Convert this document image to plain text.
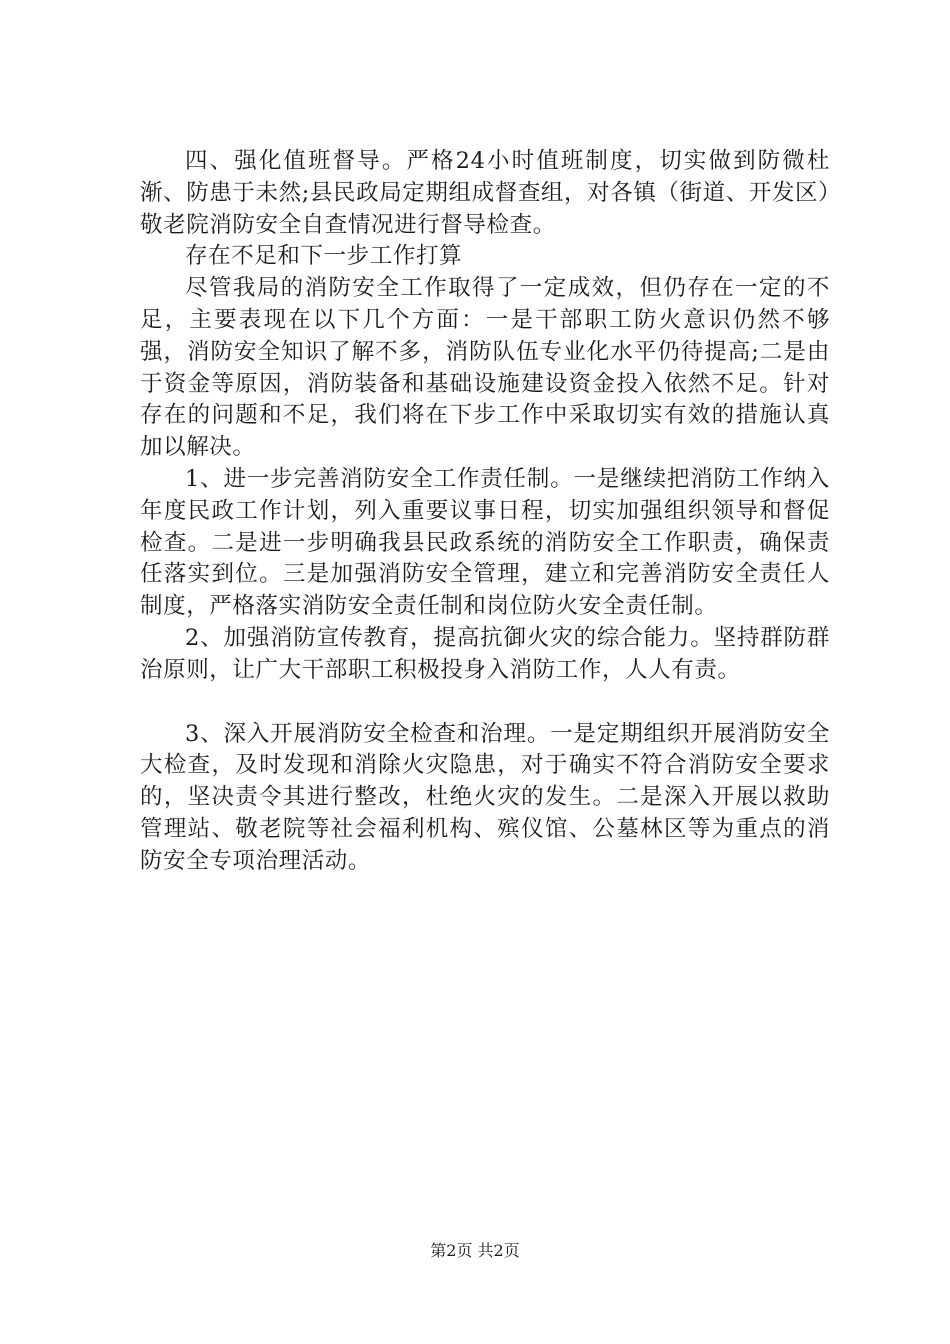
四、强化值班督导。严格24小时值班制度，切实做到防微杜渐、防患于未然;县民政局定期组成督查组，对各镇（街道、开发区）敬老院消防安全自查情况进行督导检查。

存在不足和下一步工作打算

尽管我局的消防安全工作取得了一定成效，但仍存在一定的不足，主要表现在以下几个方面：一是干部职工防火意识仍然不够强，消防安全知识了解不多，消防队伍专业化水平仍待提高;二是由于资金等原因，消防装备和基础设施建设资金投入依然不足。针对存在的问题和不足，我们将在下步工作中采取切实有效的措施认真加以解决。

1、进一步完善消防安全工作责任制。一是继续把消防工作纳入年度民政工作计划，列入重要议事日程，切实加强组织领导和督促检查。二是进一步明确我县民政系统的消防安全工作职责，确保责任落实到位。三是加强消防安全管理，建立和完善消防安全责任人制度，严格落实消防安全责任制和岗位防火安全责任制。

2、加强消防宣传教育，提高抗御火灾的综合能力。坚持群防群治原则，让广大干部职工积极投身入消防工作，人人有责。

3、深入开展消防安全检查和治理。一是定期组织开展消防安全大检查，及时发现和消除火灾隐患，对于确实不符合消防安全要求的，坚决责令其进行整改，杜绝火灾的发生。二是深入开展以救助管理站、敬老院等社会福利机构、殡仪馆、公墓林区等为重点的消防安全专项治理活动。

第2页 共2页
